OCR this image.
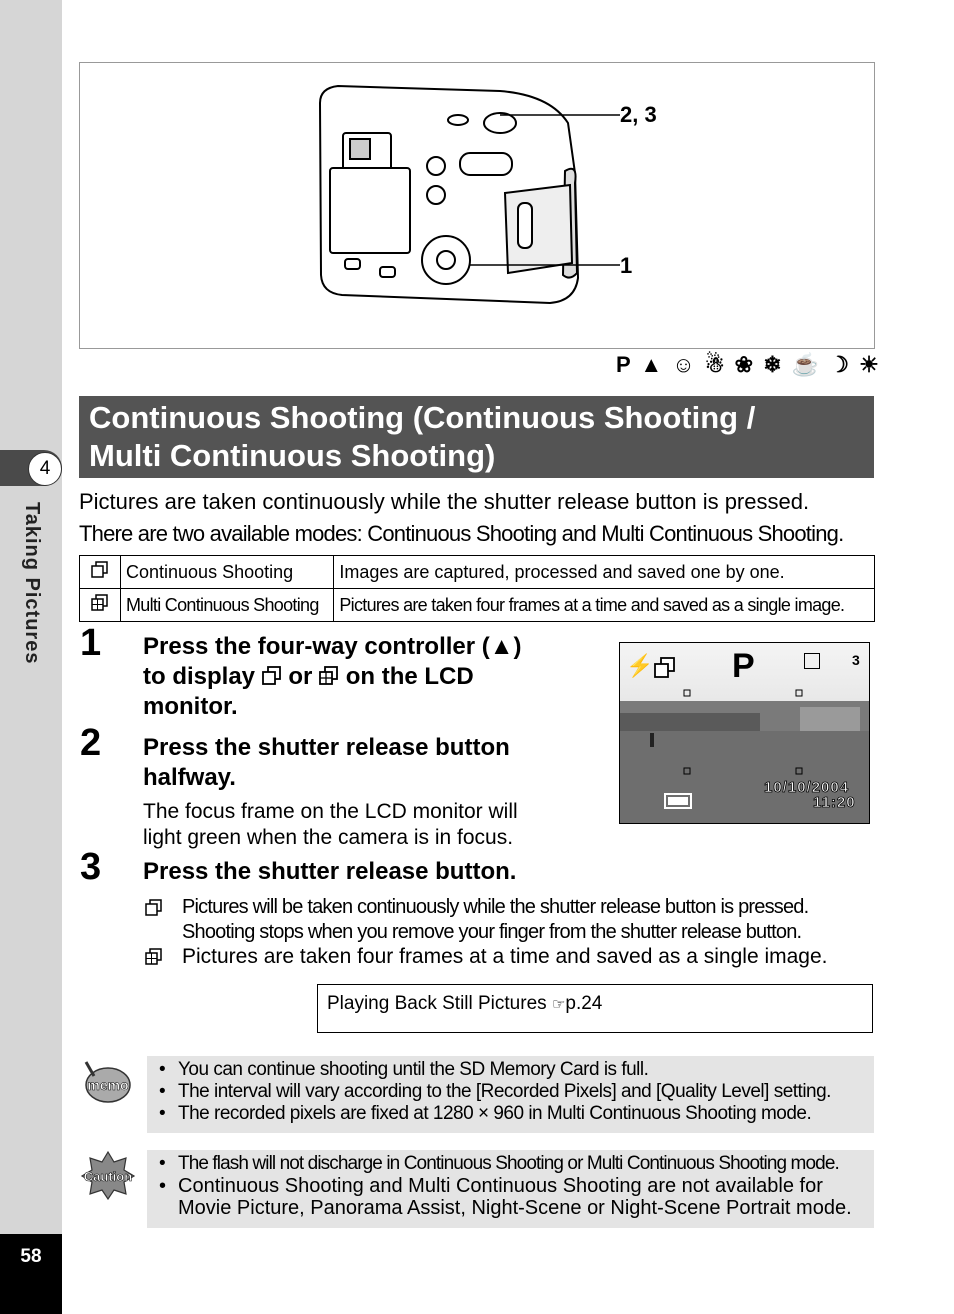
4
Taking Pictures
58
2, 3
1
P ▲ ☺ ☃ ❀ ❄ ☕ ☽ ☀
Continuous Shooting (Continuous Shooting /
Multi Continuous Shooting)
Pictures are taken continuously while the shutter release button is pressed.
There are two available modes: Continuous Shooting and Multi Continuous Shooting.
	Continuous Shooting	Images are captured, processed and saved one by one.
	Multi Continuous Shooting	Pictures are taken four frames at a time and saved as a single image.
1 Press the four-way controller (▲)
to display or on the LCD
monitor.
⚡ P	3
10/10/2004
11:20
2 Press the shutter release button
halfway.
The focus frame on the LCD monitor will
light green when the camera is in focus.
3 Press the shutter release button.
Pictures will be taken continuously while the shutter release button is pressed.
Shooting stops when you remove your finger from the shutter release button.
Pictures are taken four frames at a time and saved as a single image.
Playing Back Still Pictures ☞p.24
memo
• You can continue shooting until the SD Memory Card is full.
• The interval will vary according to the [Recorded Pixels] and [Quality Level] setting.
• The recorded pixels are fixed at 1280 × 960 in Multi Continuous Shooting mode.
Caution
• The flash will not discharge in Continuous Shooting or Multi Continuous Shooting mode.
• Continuous Shooting and Multi Continuous Shooting are not available for
Movie Picture, Panorama Assist, Night-Scene or Night-Scene Portrait mode.
